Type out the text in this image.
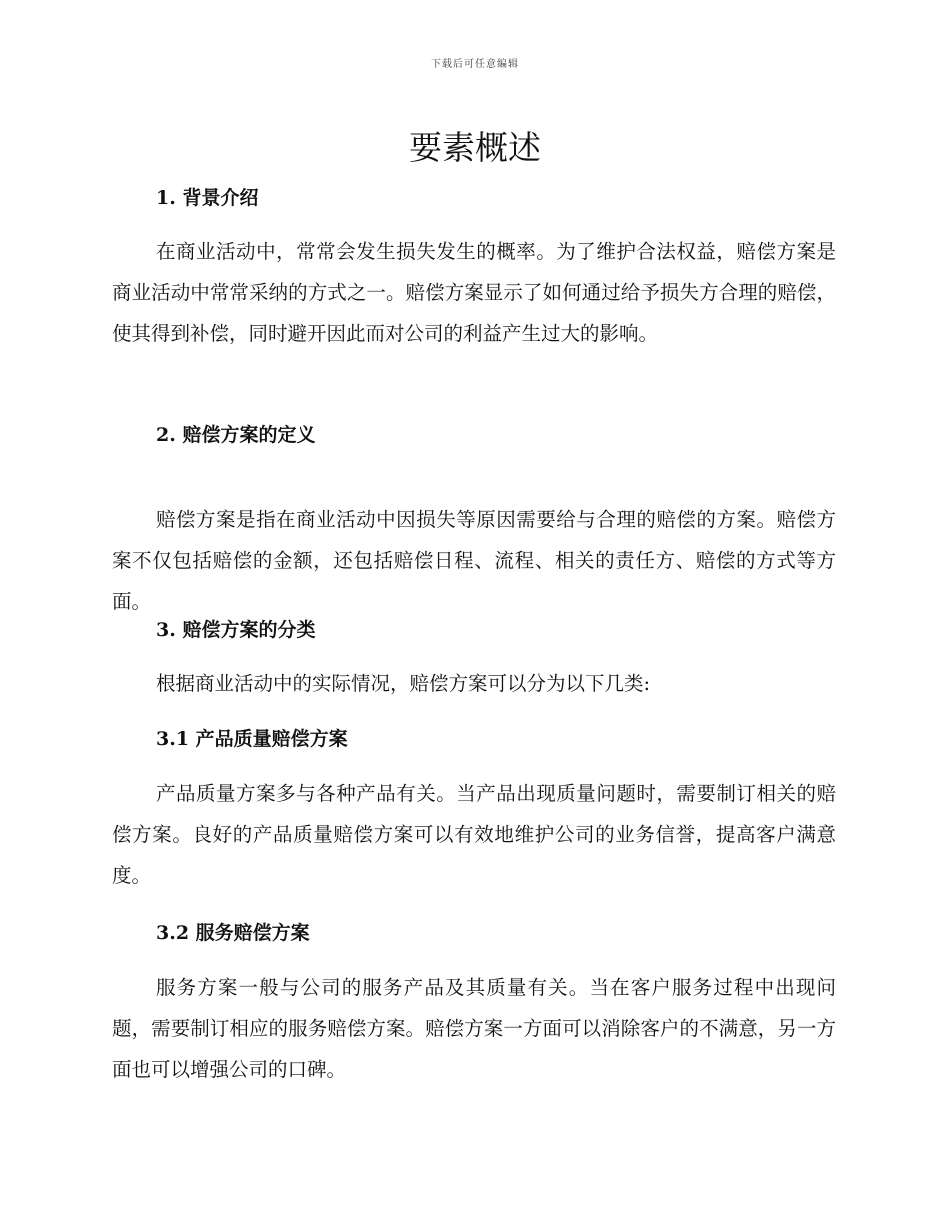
下载后可任意编辑
要素概述
1. 背景介绍

在商业活动中，常常会发生损失发生的概率。为了维护合法权益，赔偿方案是商业活动中常常采纳的方式之一。赔偿方案显示了如何通过给予损失方合理的赔偿，使其得到补偿，同时避开因此而对公司的利益产生过大的影响。

2. 赔偿方案的定义

赔偿方案是指在商业活动中因损失等原因需要给与合理的赔偿的方案。赔偿方案不仅包括赔偿的金额，还包括赔偿日程、流程、相关的责任方、赔偿的方式等方面。

3. 赔偿方案的分类

根据商业活动中的实际情况，赔偿方案可以分为以下几类:

3.1 产品质量赔偿方案

产品质量方案多与各种产品有关。当产品出现质量问题时，需要制订相关的赔偿方案。良好的产品质量赔偿方案可以有效地维护公司的业务信誉，提高客户满意度。

3.2 服务赔偿方案

服务方案一般与公司的服务产品及其质量有关。当在客户服务过程中出现问题，需要制订相应的服务赔偿方案。赔偿方案一方面可以消除客户的不满意，另一方面也可以增强公司的口碑。
